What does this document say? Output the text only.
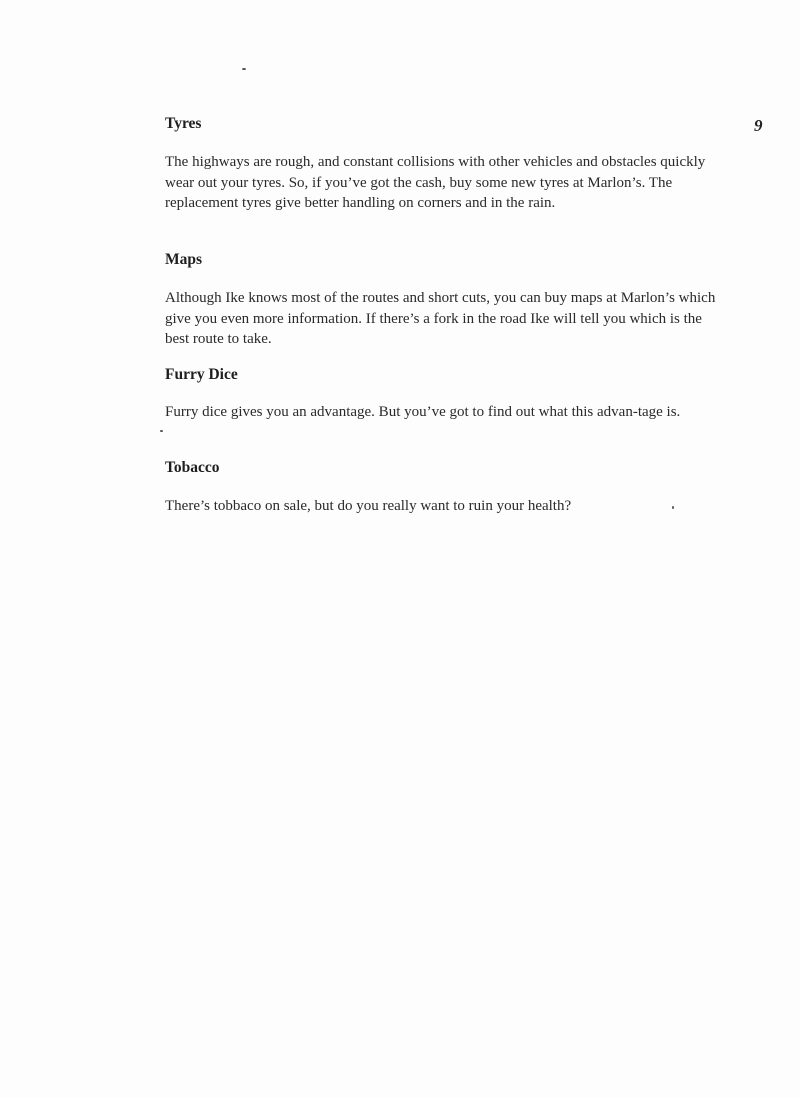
9
Tyres

The highways are rough, and constant collisions with other vehicles and obstacles quickly wear out your tyres. So, if you’ve got the cash, buy some new tyres at Marlon’s. The replacement tyres give better handling on corners and in the rain.

Maps

Although Ike knows most of the routes and short cuts, you can buy maps at Marlon’s which give you even more information. If there’s a fork in the road Ike will tell you which is the best route to take.

Furry Dice

Furry dice gives you an advantage. But you’ve got to find out what this advan-tage is.

Tobacco

There’s tobbaco on sale, but do you really want to ruin your health?
